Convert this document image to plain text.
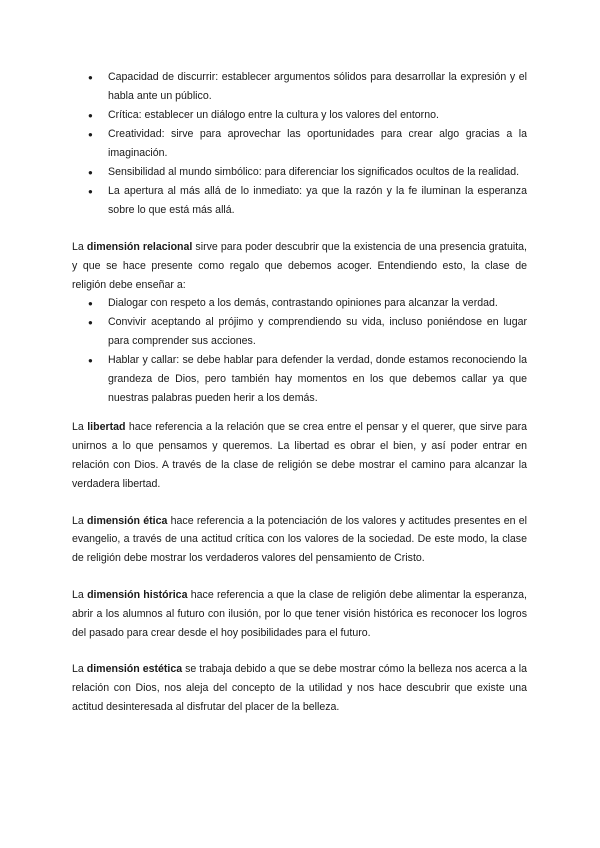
● Capacidad de discurrir: establecer argumentos sólidos para desarrollar la expresión y el habla ante un público.
● Crítica: establecer un diálogo entre la cultura y los valores del entorno.
● Creatividad: sirve para aprovechar las oportunidades para crear algo gracias a la imaginación.
● Sensibilidad al mundo simbólico: para diferenciar los significados ocultos de la realidad.
● La apertura al más allá de lo inmediato: ya que la razón y la fe iluminan la esperanza sobre lo que está más allá.

La dimensión relacional sirve para poder descubrir que la existencia de una presencia gratuita, y que se hace presente como regalo que debemos acoger. Entendiendo esto, la clase de religión debe enseñar a:

● Dialogar con respeto a los demás, contrastando opiniones para alcanzar la verdad.
● Convivir aceptando al prójimo y comprendiendo su vida, incluso poniéndose en lugar para comprender sus acciones.
● Hablar y callar: se debe hablar para defender la verdad, donde estamos reconociendo la grandeza de Dios, pero también hay momentos en los que debemos callar ya que nuestras palabras pueden herir a los demás.

La libertad hace referencia a la relación que se crea entre el pensar y el querer, que sirve para unirnos a lo que pensamos y queremos. La libertad es obrar el bien, y así poder entrar en relación con Dios. A través de la clase de religión se debe mostrar el camino para alcanzar la verdadera libertad.

La dimensión ética hace referencia a la potenciación de los valores y actitudes presentes en el evangelio, a través de una actitud crítica con los valores de la sociedad. De este modo, la clase de religión debe mostrar los verdaderos valores del pensamiento de Cristo.

La dimensión histórica hace referencia a que la clase de religión debe alimentar la esperanza, abrir a los alumnos al futuro con ilusión, por lo que tener visión histórica es reconocer los logros del pasado para crear desde el hoy posibilidades para el futuro.

La dimensión estética se trabaja debido a que se debe mostrar cómo la belleza nos acerca a la relación con Dios, nos aleja del concepto de la utilidad y nos hace descubrir que existe una actitud desinteresada al disfrutar del placer de la belleza.
